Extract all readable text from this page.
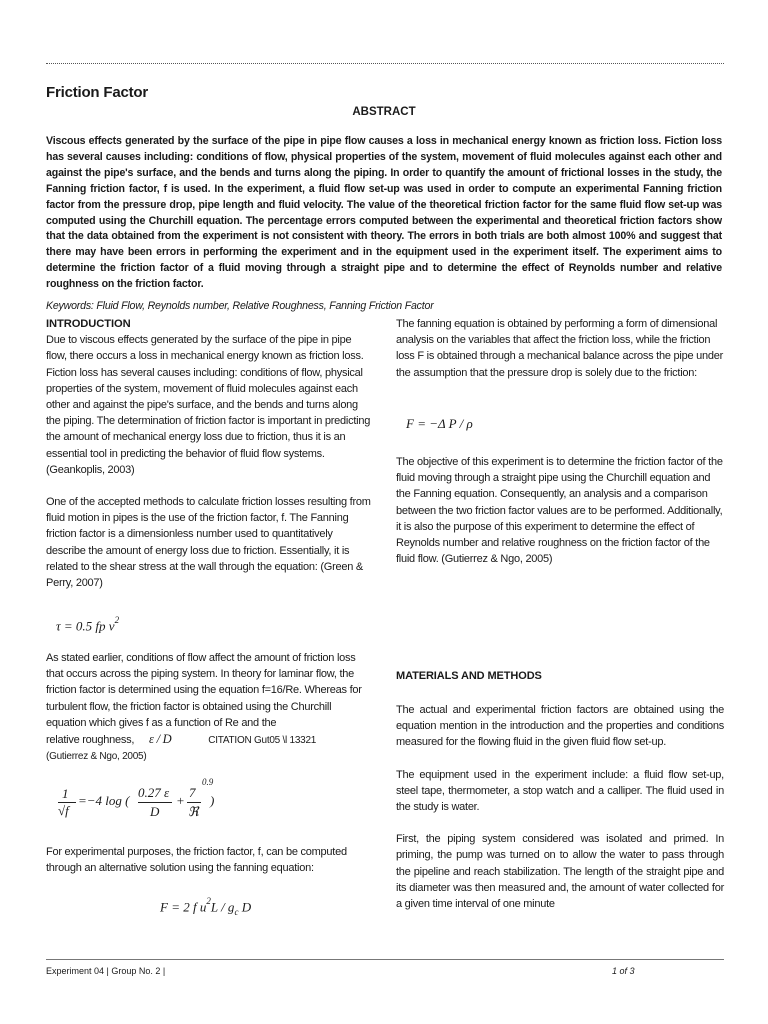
Friction Factor
ABSTRACT
Viscous effects generated by the surface of the pipe in pipe flow causes a loss in mechanical energy known as friction loss. Fiction loss has several causes including: conditions of flow, physical properties of the system, movement of fluid molecules against each other and against the pipe's surface, and the bends and turns along the piping. In order to quantify the amount of frictional losses in the study, the Fanning friction factor, f is used. In the experiment, a fluid flow set-up was used in order to compute an experimental Fanning friction factor from the pressure drop, pipe length and fluid velocity. The value of the theoretical friction factor for the same fluid flow set-up was computed using the Churchill equation. The percentage errors computed between the experimental and theoretical friction factors show that the data obtained from the experiment is not consistent with theory. The errors in both trials are both almost 100% and suggest that there may have been errors in performing the experiment and in the equipment used in the experiment itself. The experiment aims to determine the friction factor of a fluid moving through a straight pipe and to determine the effect of Reynolds number and relative roughness on the friction factor.
Keywords: Fluid Flow, Reynolds number, Relative Roughness, Fanning Friction Factor
INTRODUCTION

Due to viscous effects generated by the surface of the pipe in pipe flow, there occurs a loss in mechanical energy known as friction loss. Fiction loss has several causes including: conditions of flow, physical properties of the system, movement of fluid molecules against each other and against the pipe's surface, and the bends and turns along the piping. The determination of friction factor is important in predicting the amount of mechanical energy loss due to friction, thus it is an essential tool in predicting the behavior of fluid flow systems. (Geankoplis, 2003)

One of the accepted methods to calculate friction losses resulting from fluid motion in pipes is the use of the friction factor, f. The Fanning friction factor is a dimensionless number used to quantitatively describe the amount of energy loss due to friction. Essentially, it is related to the shear stress at the wall through the equation: (Green & Perry, 2007)

τ = 0.5 fp $v^2$

As stated earlier, conditions of flow affect the amount of friction loss that occurs across the piping system. In theory for laminar flow, the friction factor is determined using the equation f=16/Re. Whereas for turbulent flow, the friction factor is obtained using the Churchill equation which gives f as a function of Re and the

relative roughness, ε / D	CITATION Gut05 \l 13321

(Gutierrez & Ngo, 2005)

1
√f
=−4 log (
0.27 ε
D
+
7
ℜ
0.9
)

For experimental purposes, the friction factor, f, can be computed through an alternative solution using the fanning equation:

F = 2 f $u^2L / g_c$ D

The fanning equation is obtained by performing a form of dimensional analysis on the variables that affect the friction loss, while the friction loss F is obtained through a mechanical balance across the pipe under the assumption that the pressure drop is solely due to the friction:

F = −Δ P / ρ

The objective of this experiment is to determine the friction factor of the fluid moving through a straight pipe using the Churchill equation and the Fanning equation. Consequently, an analysis and a comparison between the two friction factor values are to be performed. Additionally, it is also the purpose of this experiment to determine the effect of Reynolds number and relative roughness on the friction factor of the fluid flow. (Gutierrez & Ngo, 2005)

MATERIALS AND METHODS

The actual and experimental friction factors are obtained using the equation mention in the introduction and the properties and conditions measured for the flowing fluid in the given fluid flow set-up.

The equipment used in the experiment include: a fluid flow set-up, steel tape, thermometer, a stop watch and a calliper. The fluid used in the study is water.

First, the piping system considered was isolated and primed. In priming, the pump was turned on to allow the water to pass through the pipeline and reach stabilization. The length of the straight pipe and its diameter was then measured and, the amount of water collected for a given time interval of one minute

Experiment 04 | Group No. 2 |	1 of 3
